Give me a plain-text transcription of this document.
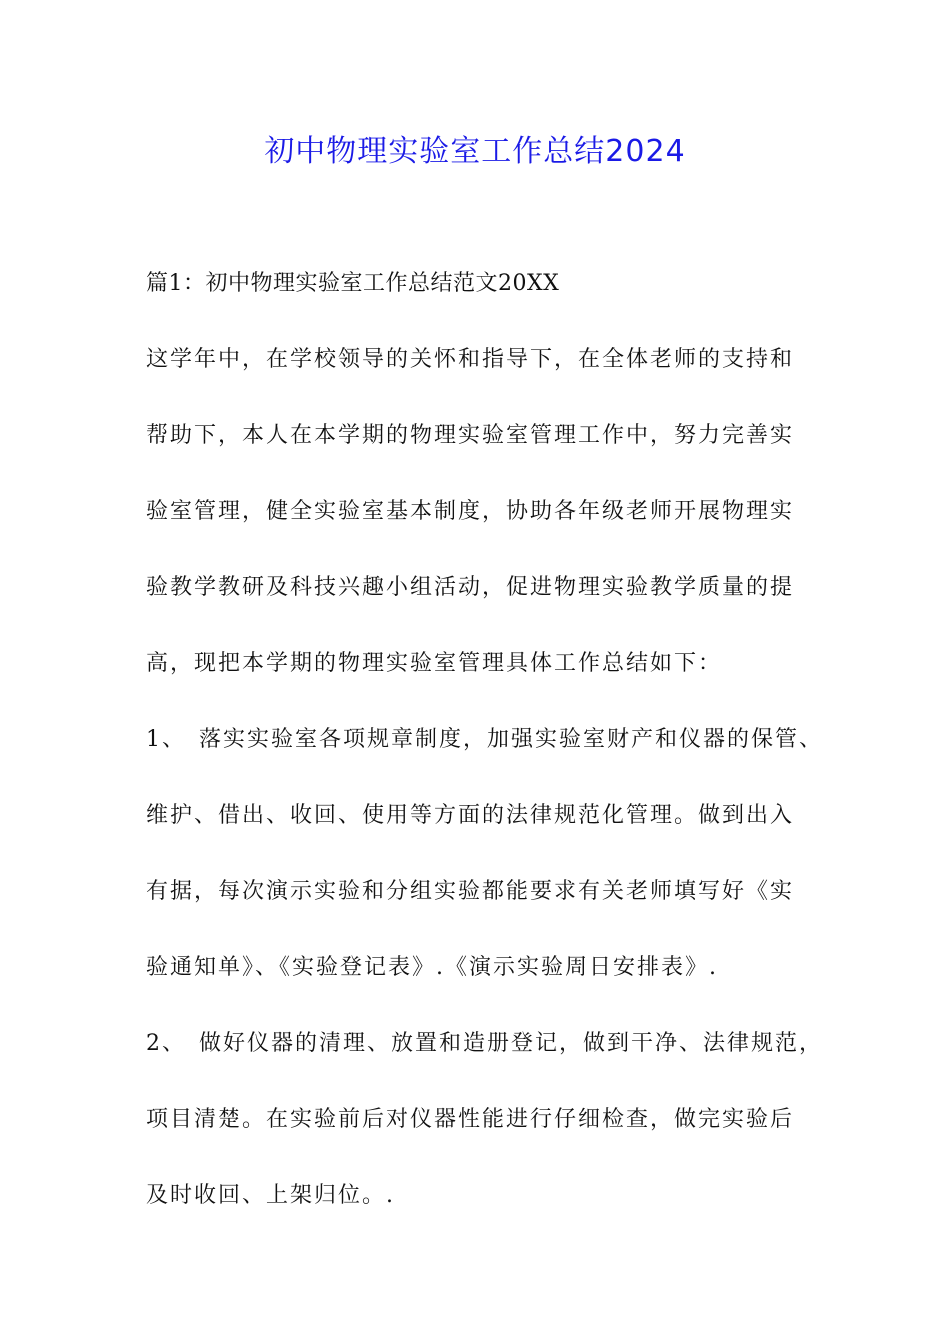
初中物理实验室工作总结2024
篇1：初中物理实验室工作总结范文20XX
这学年中，在学校领导的关怀和指导下，在全体老师的支持和
帮助下，本人在本学期的物理实验室管理工作中，努力完善实
验室管理，健全实验室基本制度，协助各年级老师开展物理实
验教学教研及科技兴趣小组活动，促进物理实验教学质量的提
高，现把本学期的物理实验室管理具体工作总结如下：
1、　落实实验室各项规章制度，加强实验室财产和仪器的保管、
维护、借出、收回、使用等方面的法律规范化管理。做到出入
有据，每次演示实验和分组实验都能要求有关老师填写好《实
验通知单》、《实验登记表》.《演示实验周日安排表》.
2、　做好仪器的清理、放置和造册登记，做到干净、法律规范，
项目清楚。在实验前后对仪器性能进行仔细检查，做完实验后
及时收回、上架归位。.
